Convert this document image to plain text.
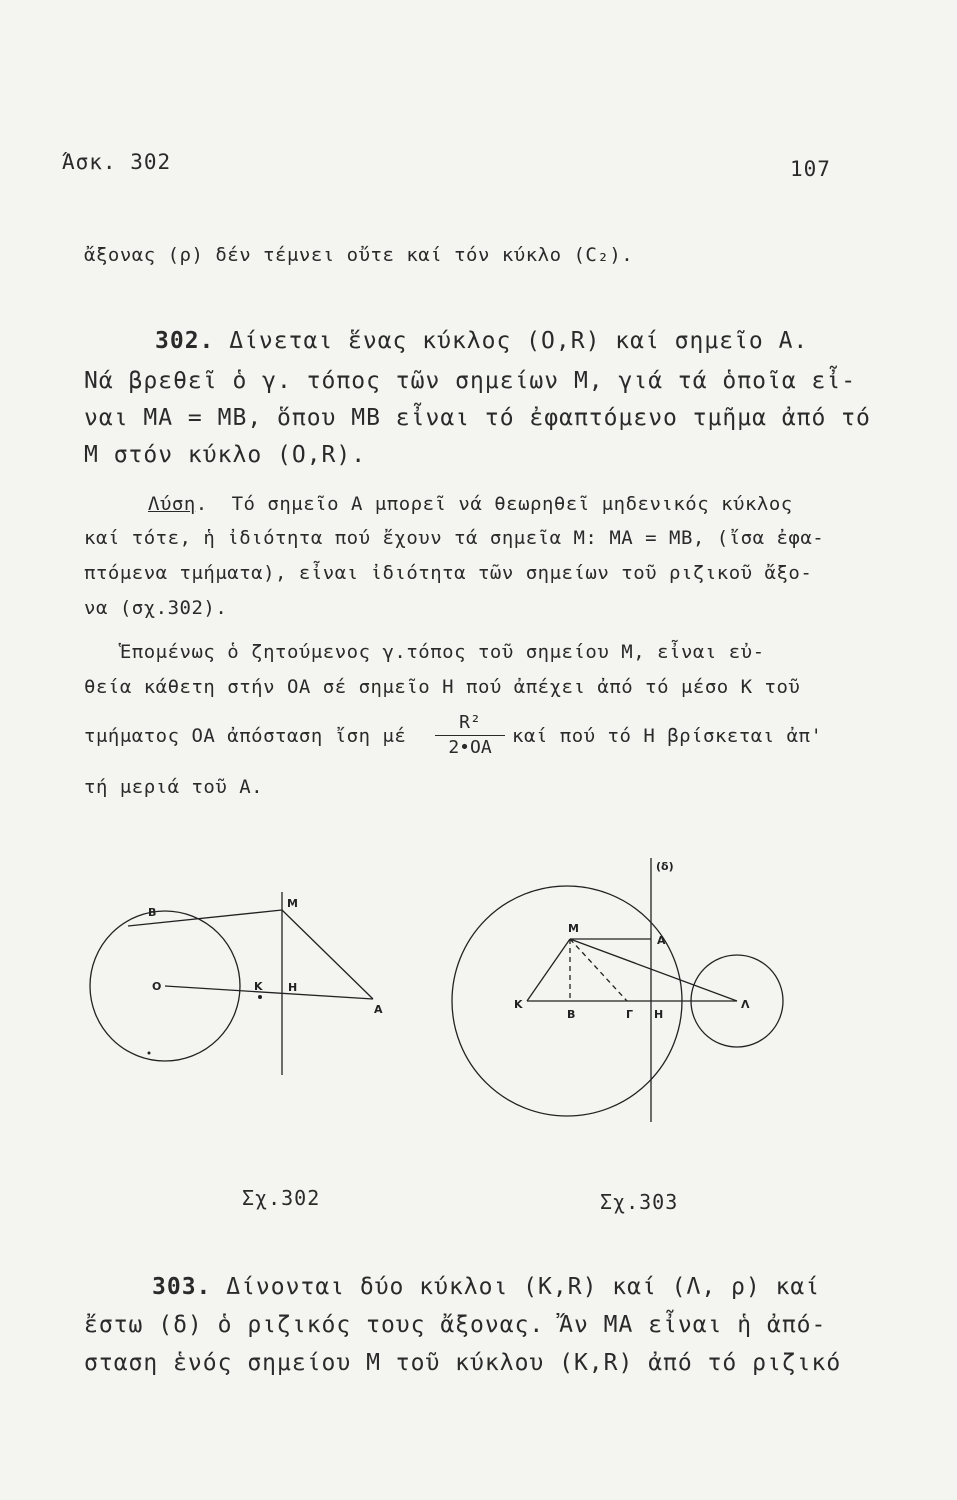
Άσκ. 302	107
ἄξονας (ρ) δέν τέμνει οὔτε καί τόν κύκλο (C₂).
302. Δίνεται ἕνας κύκλος (Ο,R) καί σημεῖο Α.
Νά βρεθεῖ ὁ γ. τόπος τῶν σημείων Μ, γιά τά ὁποῖα εἶ-
ναι ΜΑ = ΜΒ, ὅπου ΜΒ εἶναι τό ἐφαπτόμενο τμῆμα ἀπό τό
Μ στόν κύκλο (Ο,R).
Λύση.  Τό σημεῖο Α μπορεῖ νά θεωρηθεῖ μηδενικός κύκλος
καί τότε, ἡ ἰδιότητα πού ἔχουν τά σημεῖα Μ: ΜΑ = ΜΒ, (ἴσα ἐφα-
πτόμενα τμήματα), εἶναι ἰδιότητα τῶν σημείων τοῦ ριζικοῦ ἄξο-
να (σχ.302).
Ἑπομένως ὁ ζητούμενος γ.τόπος τοῦ σημείου Μ, εἶναι εὐ-
θεία κάθετη στήν ΟΑ σέ σημεῖο Η πού ἀπέχει ἀπό τό μέσο Κ τοῦ
τμήματος ΟΑ ἀπόσταση ἴση μέ $\frac{\text{R²}}{2•OA}$ καί πού τό Η βρίσκεται ἀπ'
τή μεριά τοῦ Α.
Β
Μ
Ο	Κ Η
Α
(δ)
Μ
Α
Κ
Β	Γ Η
Λ
Σχ.302	Σχ.303
303. Δίνονται δύο κύκλοι (Κ,R) καί (Λ, ρ) καί
ἔστω (δ) ὁ ριζικός τους ἄξονας. Ἄν ΜΑ εἶναι ἡ ἀπό-
σταση ἑνός σημείου Μ τοῦ κύκλου (Κ,R) ἀπό τό ριζικό
